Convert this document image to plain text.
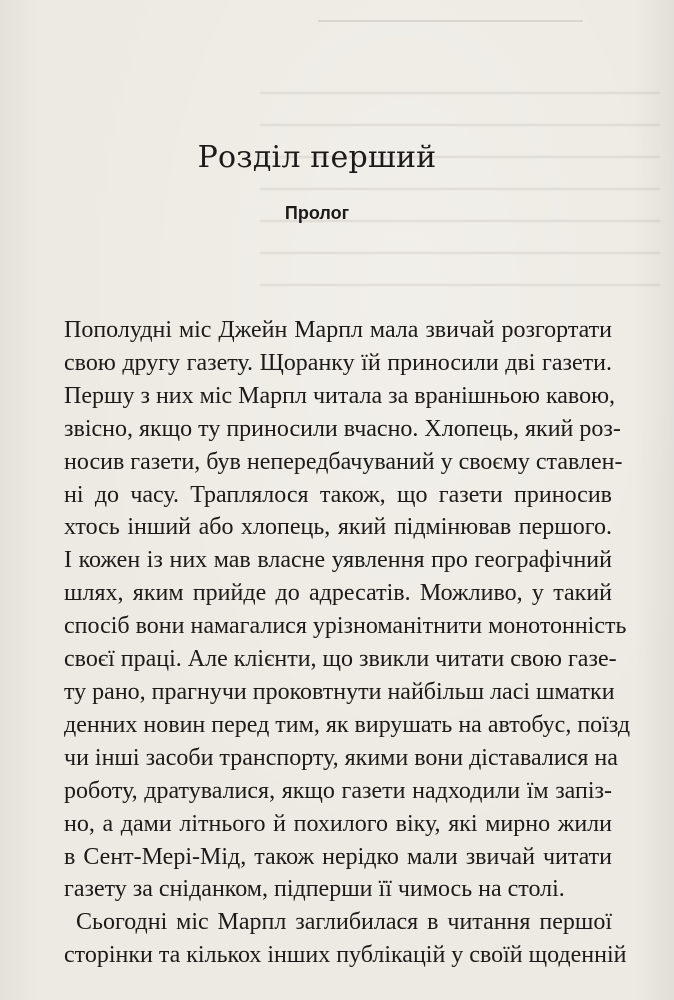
Розділ перший
Пролог

Пополудні міс Джейн Марпл мала звичай розгортати
свою другу газету. Щоранку їй приносили дві газети.
Першу з них міс Марпл читала за вранішньою кавою,
звісно, якщо ту приносили вчасно. Хлопець, який роз-
носив газети, був непередбачуваний у своєму ставлен-
ні до часу. Траплялося також, що газети приносив
хтось інший або хлопець, який підмінював першого.
І кожен із них мав власне уявлення про географічний
шлях, яким прийде до адресатів. Можливо, у такий
спосіб вони намагалися урізноманітнити монотонність
своєї праці. Але клієнти, що звикли читати свою газе-
ту рано, прагнучи проковтнути найбільш ласі шматки
денних новин перед тим, як вирушать на автобус, поїзд
чи інші засоби транспорту, якими вони діставалися на
роботу, дратувалися, якщо газети надходили їм запіз-
но, а дами літнього й похилого віку, які мирно жили
в Сент-Мері-Мід, також нерідко мали звичай читати
газету за сніданком, підперши її чимось на столі.

Сьогодні міс Марпл заглибилася в читання першої
сторінки та кількох інших публікацій у своїй щоденній
